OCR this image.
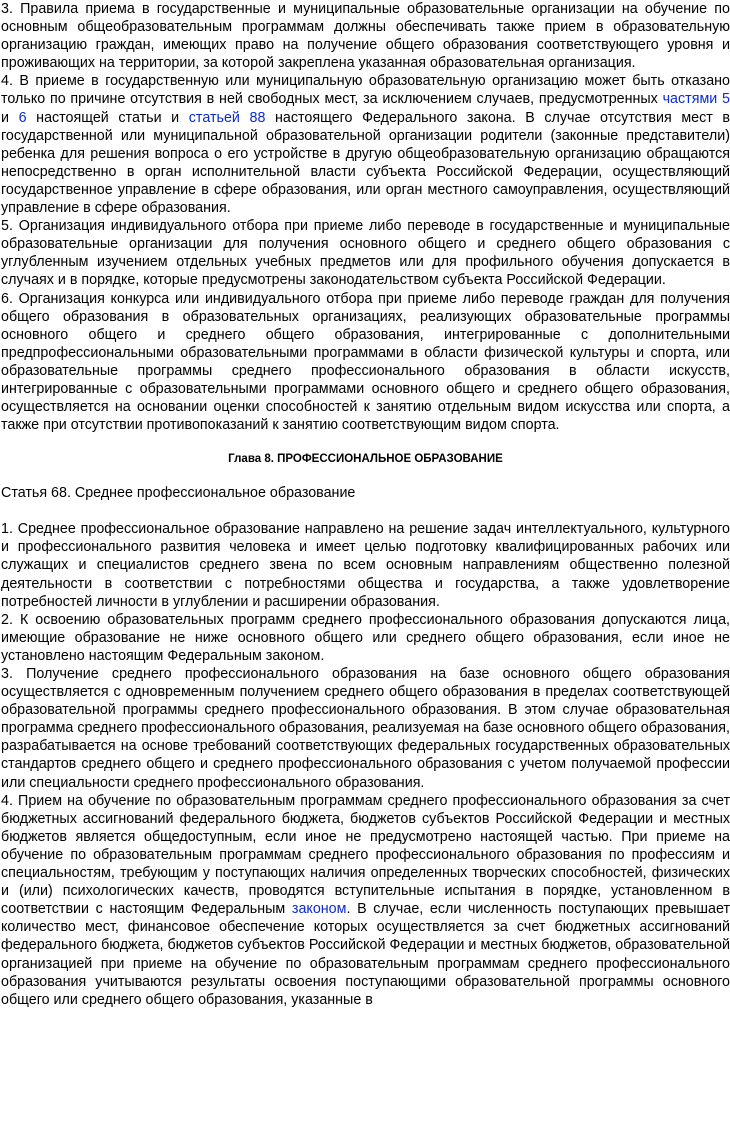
3. Правила приема в государственные и муниципальные образовательные организации на обучение по основным общеобразовательным программам должны обеспечивать также прием в образовательную организацию граждан, имеющих право на получение общего образования соответствующего уровня и проживающих на территории, за которой закреплена указанная образовательная организация.

4. В приеме в государственную или муниципальную образовательную организацию может быть отказано только по причине отсутствия в ней свободных мест, за исключением случаев, предусмотренных частями 5 и 6 настоящей статьи и статьей 88 настоящего Федерального закона. В случае отсутствия мест в государственной или муниципальной образовательной организации родители (законные представители) ребенка для решения вопроса о его устройстве в другую общеобразовательную организацию обращаются непосредственно в орган исполнительной власти субъекта Российской Федерации, осуществляющий государственное управление в сфере образования, или орган местного самоуправления, осуществляющий управление в сфере образования.

5. Организация индивидуального отбора при приеме либо переводе в государственные и муниципальные образовательные организации для получения основного общего и среднего общего образования с углубленным изучением отдельных учебных предметов или для профильного обучения допускается в случаях и в порядке, которые предусмотрены законодательством субъекта Российской Федерации.

6. Организация конкурса или индивидуального отбора при приеме либо переводе граждан для получения общего образования в образовательных организациях, реализующих образовательные программы основного общего и среднего общего образования, интегрированные с дополнительными предпрофессиональными образовательными программами в области физической культуры и спорта, или образовательные программы среднего профессионального образования в области искусств, интегрированные с образовательными программами основного общего и среднего общего образования, осуществляется на основании оценки способностей к занятию отдельным видом искусства или спорта, а также при отсутствии противопоказаний к занятию соответствующим видом спорта.

Глава 8. ПРОФЕССИОНАЛЬНОЕ ОБРАЗОВАНИЕ
Статья 68. Среднее профессиональное образование

1. Среднее профессиональное образование направлено на решение задач интеллектуального, культурного и профессионального развития человека и имеет целью подготовку квалифицированных рабочих или служащих и специалистов среднего звена по всем основным направлениям общественно полезной деятельности в соответствии с потребностями общества и государства, а также удовлетворение потребностей личности в углублении и расширении образования.

2. К освоению образовательных программ среднего профессионального образования допускаются лица, имеющие образование не ниже основного общего или среднего общего образования, если иное не установлено настоящим Федеральным законом.

3. Получение среднего профессионального образования на базе основного общего образования осуществляется с одновременным получением среднего общего образования в пределах соответствующей образовательной программы среднего профессионального образования. В этом случае образовательная программа среднего профессионального образования, реализуемая на базе основного общего образования, разрабатывается на основе требований соответствующих федеральных государственных образовательных стандартов среднего общего и среднего профессионального образования с учетом получаемой профессии или специальности среднего профессионального образования.

4. Прием на обучение по образовательным программам среднего профессионального образования за счет бюджетных ассигнований федерального бюджета, бюджетов субъектов Российской Федерации и местных бюджетов является общедоступным, если иное не предусмотрено настоящей частью. При приеме на обучение по образовательным программам среднего профессионального образования по профессиям и специальностям, требующим у поступающих наличия определенных творческих способностей, физических и (или) психологических качеств, проводятся вступительные испытания в порядке, установленном в соответствии с настоящим Федеральным законом. В случае, если численность поступающих превышает количество мест, финансовое обеспечение которых осуществляется за счет бюджетных ассигнований федерального бюджета, бюджетов субъектов Российской Федерации и местных бюджетов, образовательной организацией при приеме на обучение по образовательным программам среднего профессионального образования учитываются результаты освоения поступающими образовательной программы основного общего или среднего общего образования, указанные в
